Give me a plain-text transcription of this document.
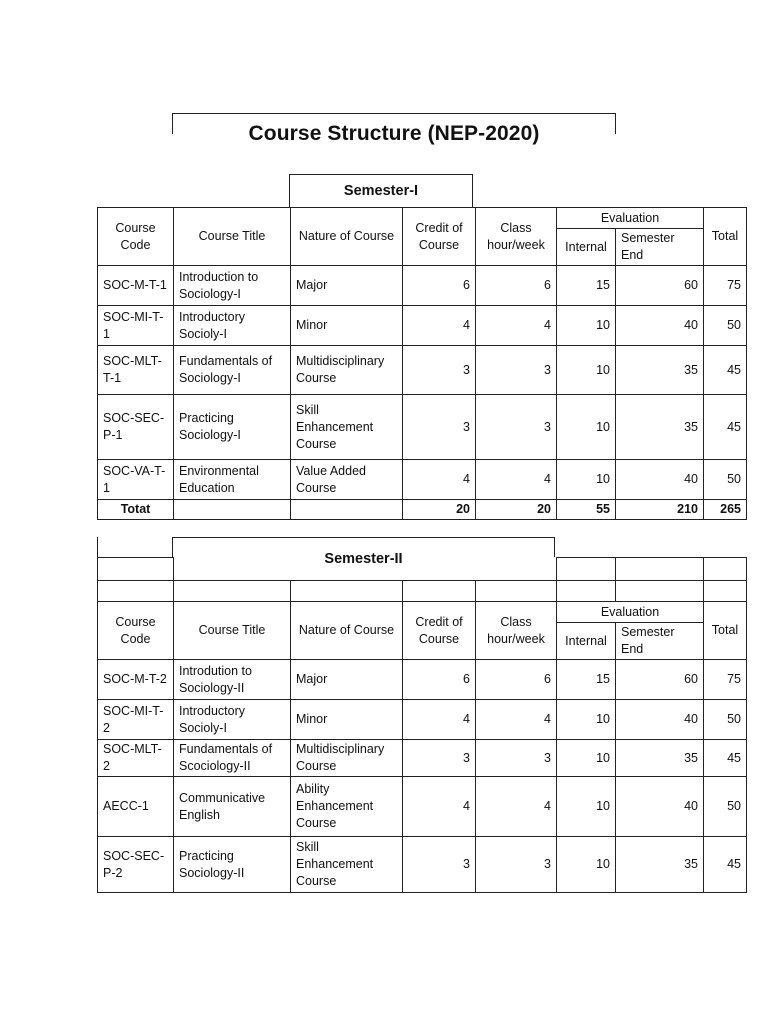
Course Structure (NEP-2020)
Semester-I
Course Code	Course Title	Nature of Course	Credit of Course	Class hour/week	Evaluation		Total
					Internal	Semester End	
SOC-M-T-1	Introduction to Sociology-I	Major	6	6	15	60	75
SOC-MI-T-1	Introductory Socioly-I	Minor	4	4	10	40	50
SOC-MLT-T-1	Fundamentals of Sociology-I	Multidisciplinary Course	3	3	10	35	45
SOC-SEC-P-1	Practicing Sociology-I	Skill Enhancement Course	3	3	10	35	45
SOC-VA-T-1	Environmental Education	Value Added Course	4	4	10	40	50
Totat			20	20	55	210	265
Semester-II

Course Code	Course Title	Nature of Course	Credit of Course	Class hour/week	Evaluation		Total
					Internal	Semester End	
SOC-M-T-2	Introdution to Sociology-II	Major	6	6	15	60	75
SOC-MI-T-2	Introductory Socioly-I	Minor	4	4	10	40	50
SOC-MLT-2	Fundamentals of Scociology-II	Multidisciplinary Course	3	3	10	35	45
AECC-1	Communicative English	Ability Enhancement Course	4	4	10	40	50
SOC-SEC-P-2	Practicing Sociology-II	Skill Enhancement Course	3	3	10	35	45
